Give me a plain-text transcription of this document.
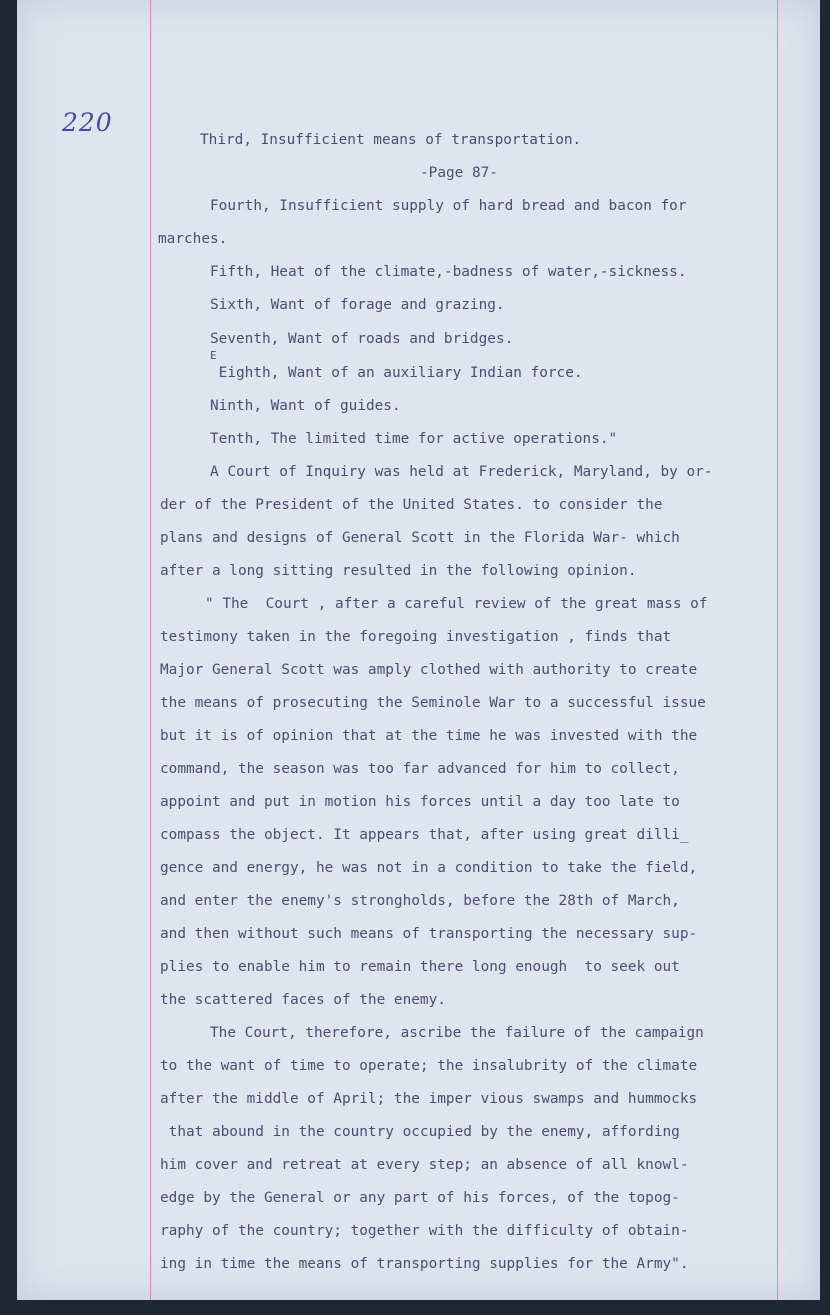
220
Third, Insufficient means of transportation.
-Page 87-
Fourth, Insufficient supply of hard bread and bacon for
marches.
Fifth, Heat of the climate,-badness of water,-sickness.
Sixth, Want of forage and grazing.
Seventh, Want of roads and bridges.
E
Eighth, Want of an auxiliary Indian force.
Ninth, Want of guides.
Tenth, The limited time for active operations."
A Court of Inquiry was held at Frederick, Maryland, by or-
der of the President of the United States. to consider the
plans and designs of General Scott in the Florida War- which
after a long sitting resulted in the following opinion.
" The  Court , after a careful review of the great mass of
testimony taken in the foregoing investigation , finds that
Major General Scott was amply clothed with authority to create
the means of prosecuting the Seminole War to a successful issue
but it is of opinion that at the time he was invested with the
command, the season was too far advanced for him to collect,
appoint and put in motion his forces until a day too late to
compass the object. It appears that, after using great dilli_
gence and energy, he was not in a condition to take the field,
and enter the enemy's strongholds, before the 28th of March,
and then without such means of transporting the necessary sup-
plies to enable him to remain there long enough  to seek out
the scattered faces of the enemy.
The Court, therefore, ascribe the failure of the campaign
to the want of time to operate; the insalubrity of the climate
after the middle of April; the imper vious swamps and hummocks
that abound in the country occupied by the enemy, affording
him cover and retreat at every step; an absence of all knowl-
edge by the General or any part of his forces, of the topog-
raphy of the country; together with the difficulty of obtain-
ing in time the means of transporting supplies for the Army".
